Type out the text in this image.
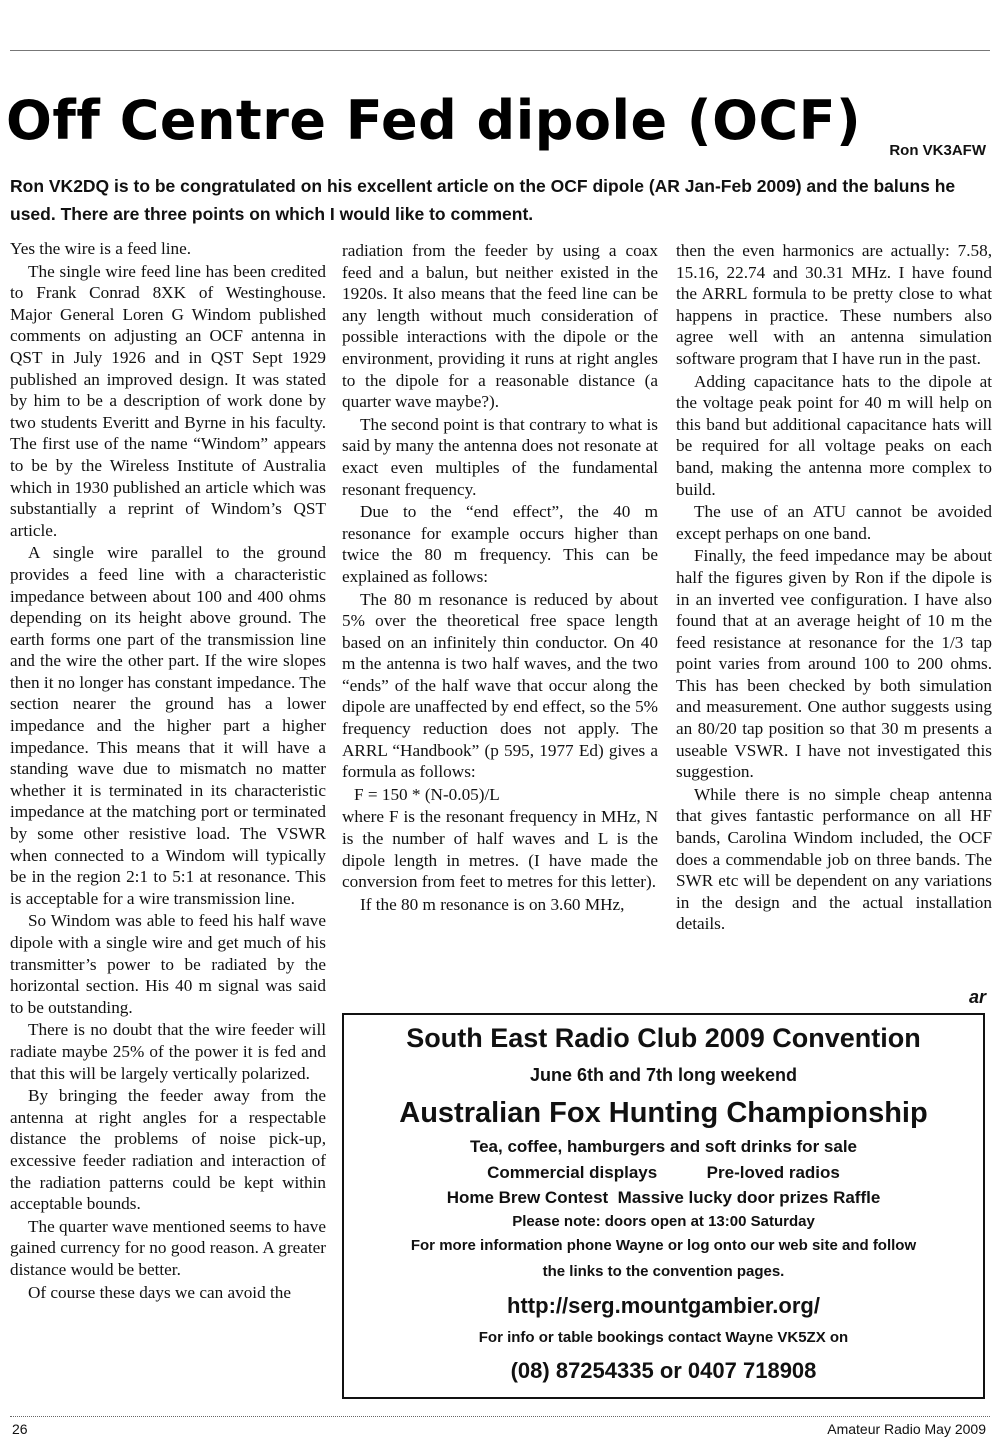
Off Centre Fed dipole (OCF)	Ron VK3AFW
Ron VK2DQ is to be congratulated on his excellent article on the OCF dipole (AR Jan-Feb 2009) and the baluns he used. There are three points on which I would like to comment.

Yes the wire is a feed line.

The single wire feed line has been credited to Frank Conrad 8XK of Westinghouse. Major General Loren G Windom published comments on adjusting an OCF antenna in QST in July 1926 and in QST Sept 1929 published an improved design. It was stated by him to be a description of work done by two students Everitt and Byrne in his faculty. The first use of the name “Windom” appears to be by the Wireless Institute of Australia which in 1930 published an article which was substantially a reprint of Windom’s QST article.

A single wire parallel to the ground provides a feed line with a characteristic impedance between about 100 and 400 ohms depending on its height above ground. The earth forms one part of the transmission line and the wire the other part. If the wire slopes then it no longer has constant impedance. The section nearer the ground has a lower impedance and the higher part a higher impedance. This means that it will have a standing wave due to mismatch no matter whether it is terminated in its characteristic impedance at the matching port or terminated by some other resistive load. The VSWR when connected to a Windom will typically be in the region 2:1 to 5:1 at resonance. This is acceptable for a wire transmission line.

So Windom was able to feed his half wave dipole with a single wire and get much of his transmitter’s power to be radiated by the horizontal section. His 40 m signal was said to be outstanding.

There is no doubt that the wire feeder will radiate maybe 25% of the power it is fed and that this will be largely vertically polarized.

By bringing the feeder away from the antenna at right angles for a respectable distance the problems of noise pick-up, excessive feeder radiation and interaction of the radiation patterns could be kept within acceptable bounds.

The quarter wave mentioned seems to have gained currency for no good reason. A greater distance would be better.

Of course these days we can avoid the

radiation from the feeder by using a coax feed and a balun, but neither existed in the 1920s. It also means that the feed line can be any length without much consideration of possible interactions with the dipole or the environment, providing it runs at right angles to the dipole for a reasonable distance (a quarter wave maybe?).

The second point is that contrary to what is said by many the antenna does not resonate at exact even multiples of the fundamental resonant frequency.

Due to the “end effect”, the 40 m resonance for example occurs higher than twice the 80 m frequency. This can be explained as follows:

The 80 m resonance is reduced by about 5% over the theoretical free space length based on an infinitely thin conductor. On 40 m the antenna is two half waves, and the two “ends” of the half wave that occur along the dipole are unaffected by end effect, so the 5% frequency reduction does not apply. The ARRL “Handbook” (p 595, 1977 Ed) gives a formula as follows:

F = 150 * (N-0.05)/L

where F is the resonant frequency in MHz, N is the number of half waves and L is the dipole length in metres. (I have made the conversion from feet to metres for this letter).

If the 80 m resonance is on 3.60 MHz,

then the even harmonics are actually: 7.58, 15.16, 22.74 and 30.31 MHz. I have found the ARRL formula to be pretty close to what happens in practice. These numbers also agree well with an antenna simulation software program that I have run in the past.

Adding capacitance hats to the dipole at the voltage peak point for 40 m will help on this band but additional capacitance hats will be required for all voltage peaks on each band, making the antenna more complex to build.

The use of an ATU cannot be avoided except perhaps on one band.

Finally, the feed impedance may be about half the figures given by Ron if the dipole is in an inverted vee configuration. I have also found that at an average height of 10 m the feed resistance at resonance for the 1/3 tap point varies from around 100 to 200 ohms. This has been checked by both simulation and measurement. One author suggests using an 80/20 tap position so that 30 m presents a useable VSWR. I have not investigated this suggestion.

While there is no simple cheap antenna that gives fantastic performance on all HF bands, Carolina Windom included, the OCF does a commendable job on three bands. The SWR etc will be dependent on any variations in the design and the actual installation details.

ar
South East Radio Club 2009 Convention
June 6th and 7th long weekend
Australian Fox Hunting Championship
Tea, coffee, hamburgers and soft drinks for sale
Commercial displays	Pre-loved radios
Home Brew Contest  Massive lucky door prizes Raffle
Please note: doors open at 13:00 Saturday
For more information phone Wayne or log onto our web site and follow
the links to the convention pages.
http://serg.mountgambier.org/
For info or table bookings contact Wayne VK5ZX on
(08) 87254335 or 0407 718908
26	Amateur Radio May 2009
